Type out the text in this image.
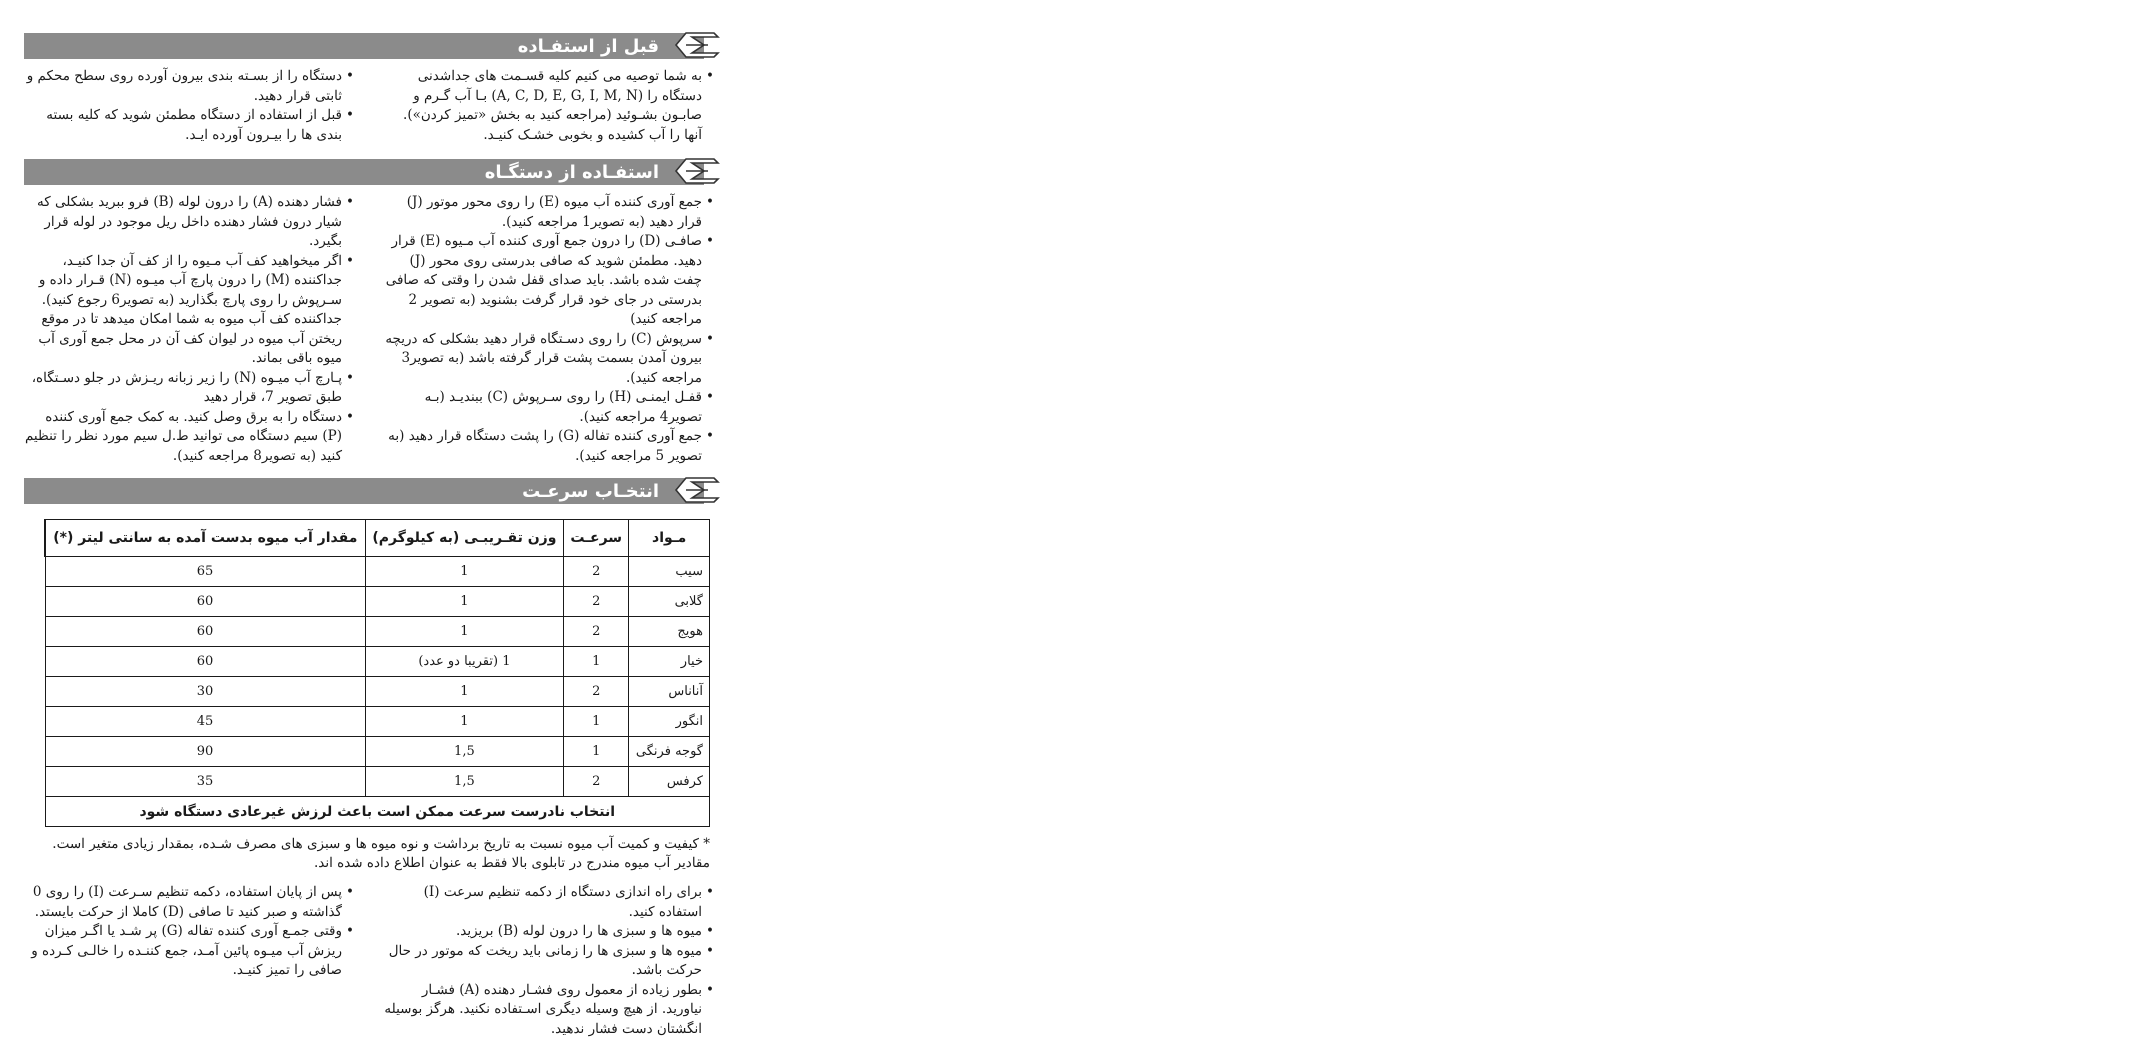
قبل از استفـاده
• به شما توصیه می کنیم کلیه قسـمت های جداشدنی دستگاه را (A, C, D, E, G, I, M, N) بـا آب گـرم و صابـون بشـوئید (مراجعه کنید به بخش «تمیز کردن»). آنها را آب کشیده و بخوبی خشـک کنیـد.
• دستگاه را از بسـته بندی بیرون آورده روی سطح محکم و ثابتی قرار دهید.
• قبل از استفاده از دستگاه مطمئن شوید که کلیه بسته بندی ها را بیـرون آورده ایـد.
استفـاده از دستگـاه
• جمع آوری کننده آب میوه (E) را روی محور موتور (J) قرار دهید (به تصویر1 مراجعه کنید).
• صافـی (D) را درون جمع آوری کننده آب مـیوه (E) قرار دهید. مطمئن شوید که صافی بدرستی روی محور (J) چفت شده باشد. باید صدای قفل شدن را وقتی که صافی بدرستی در جای خود قرار گرفت بشنوید (به تصویر 2 مراجعه کنید)
• سرپوش (C) را روی دسـتگاه قرار دهید بشکلی که دریچه بیرون آمدن بسمت پشت قرار گرفته باشد (به تصویر3 مراجعه کنید).
• قفـل ایمنـی (H) را روی سـرپوش (C) ببندیـد (بـه تصویر4 مراجعه کنید).
• جمع آوری کننده تفاله (G) را پشت دستگاه قرار دهید (به تصویر 5 مراجعه کنید).
• فشار دهنده (A) را درون لوله (B) فرو ببرید بشکلی که شیار درون فشار دهنده داخل ریل موجود در لوله قرار بگیرد.
• اگر میخواهید کف آب مـیوه را از کف آن جدا کنیـد، جداکننده (M) را درون پارچ آب میـوه (N) قـرار داده و سـرپوش را روی پارچ بگذارید (به تصویر6 رجوع کنید). جداکننده کف آب میوه به شما امکان میدهد تا در موقع ریختن آب میوه در لیوان کف آن در محل جمع آوری آب میوه باقی بماند.
• پـارچ آب میـوه (N) را زیر زبانه ریـزش در جلو دسـتگاه، طبق تصویر 7، قرار دهید
• دستگاه را به برق وصل کنید. به کمک جمع آوری کننده (P) سیم دستگاه می توانید ط.ل سیم مورد نظر را تنظیم کنید (به تصویر8 مراجعه کنید).
انتخـاب سرعـت
مـواد	سرعـت	وزن تقـریبـی (به کیلوگرم)	مقدار آب میوه بدست آمده به سانتی لیتر (*)
سیب	2	1	65
گلابی	2	1	60
هویج	2	1	60
خیار	1	1 (تقریبا دو عدد)	60
آناناس	2	1	30
انگور	1	1	45
گوجه فرنگی	1	1,5	90
کرفس	2	1,5	35
انتخاب نادرست سرعت ممکن است باعث لرزش غیرعادی دستگاه شود			
* کیفیت و کمیت آب میوه نسبت به تاریخ برداشت و نوه میوه ها و سبزی های مصرف شـده، بمقدار زیادی متغیر است. مقادیر آب میوه مندرج در تابلوی بالا فقط به عنوان اطلاع داده شده اند.
• برای راه اندازی دستگاه از دکمه تنظیم سرعت (I) استفاده کنید.
• میوه ها و سبزی ها را درون لوله (B) بریزید.
• میوه ها و سبزی ها را زمانی باید ریخت که موتور در حال حرکت باشد.
• بطور زیاده از معمول روی فشـار دهنده (A) فشـار نیاورید. از هیچ وسیله دیگری اسـتفاده نکنید. هرگز بوسیله انگشتان دست فشار ندهید.
• پس از پایان استفاده، دکمه تنظیم سـرعت (I) را روی 0 گذاشته و صبر کنید تا صافی (D) کاملا از حرکت بایستد.
• وقتی جمـع آوری کننده تفاله (G) پر شـد یا اگـر میزان ریزش آب میـوه پائین آمـد، جمع کننـده را خالـی کـرده و صافی را تمیز کنیـد.
